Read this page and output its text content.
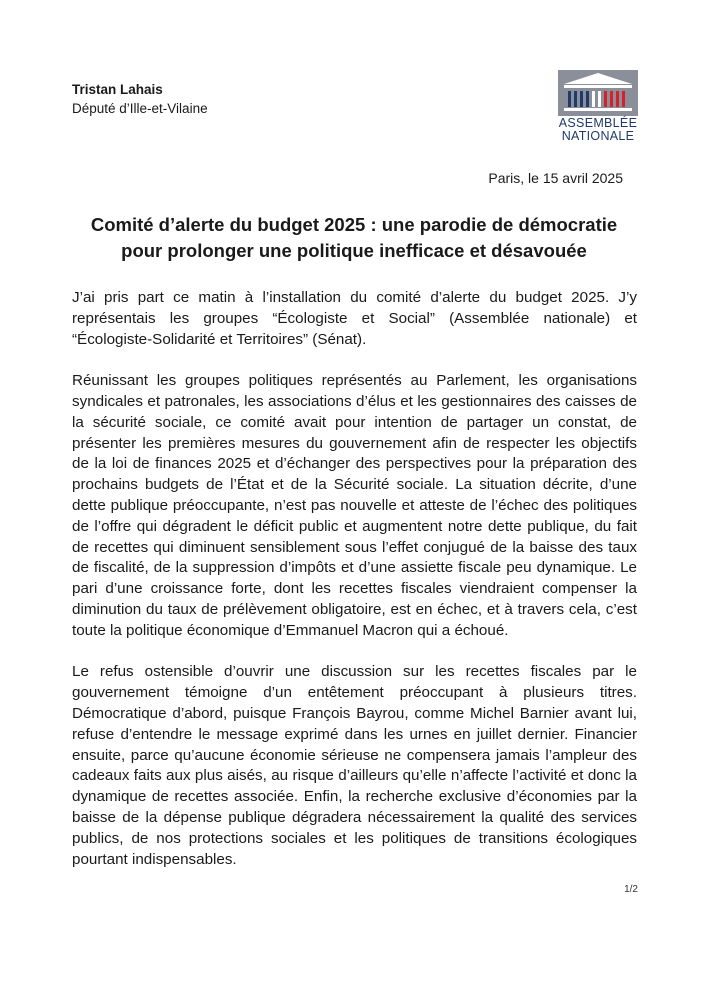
Tristan Lahais
Député d’Ille-et-Vilaine
ASSEMBLÉE
NATIONALE
Paris, le 15 avril 2025
Comité d’alerte du budget 2025 : une parodie de démocratie
pour prolonger une politique inefficace et désavouée

J’ai pris part ce matin à l’installation du comité d’alerte du budget 2025. J’y représentais les groupes “Écologiste et Social” (Assemblée nationale) et “Écologiste-Solidarité et Territoires” (Sénat).

Réunissant les groupes politiques représentés au Parlement, les organisations syndicales et patronales, les associations d’élus et les gestionnaires des caisses de la sécurité sociale, ce comité avait pour intention de partager un constat, de présenter les premières mesures du gouvernement afin de respecter les objectifs de la loi de finances 2025 et d’échanger des perspectives pour la préparation des prochains budgets de l’État et de la Sécurité sociale. La situation décrite, d’une dette publique préoccupante, n’est pas nouvelle et atteste de l’échec des politiques de l’offre qui dégradent le déficit public et augmentent notre dette publique, du fait de recettes qui diminuent sensiblement sous l’effet conjugué de la baisse des taux de fiscalité, de la suppression d’impôts et d’une assiette fiscale peu dynamique. Le pari d’une croissance forte, dont les recettes fiscales viendraient compenser la diminution du taux de prélèvement obligatoire, est en échec, et à travers cela, c’est toute la politique économique d’Emmanuel Macron qui a échoué.

Le refus ostensible d’ouvrir une discussion sur les recettes fiscales par le gouvernement témoigne d’un entêtement préoccupant à plusieurs titres. Démocratique d’abord, puisque François Bayrou, comme Michel Barnier avant lui, refuse d’entendre le message exprimé dans les urnes en juillet dernier. Financier ensuite, parce qu’aucune économie sérieuse ne compensera jamais l’ampleur des cadeaux faits aux plus aisés, au risque d’ailleurs qu’elle n’affecte l’activité et donc la dynamique de recettes associée. Enfin, la recherche exclusive d’économies par la baisse de la dépense publique dégradera nécessairement la qualité des services publics, de nos protections sociales et les politiques de transitions écologiques pourtant indispensables.

1/2
